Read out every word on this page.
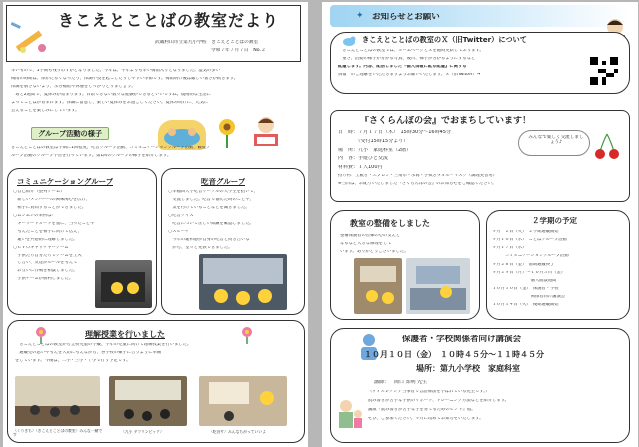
きこえとことばの教室だより
武蔵村山市立第九小学校　きこえとことばの教室
令和７年７月７日　No.２
早いもので、1学期も残りわずかとなりました。今年は、平年よりも早い梅雨入りとなりました。湿気の多い
梅雨の時期は、体がだるくなったり、体調不良を起こしたりしやすい季節です。梅雨明け後は厳しい暑さが続きます。
体調を崩さないよう、水分補給や休養をしっかりとりましょう。
　あと2週間で、夏休みが始まります。日頃できない数々な経験ができるといいですね。規則的な生活に
よってことばが育まれます。体調に留意し、楽しい夏休みをお過ごしください。夏休み明けに、元気に
会えることを楽しみにしています。
グループ活動の様子
きこえとことばの教室は学期に1回程度、吃音グループ活動、コミュニケーショングループ活動、観覧グ
ループ活動のグループ学習を行っています。第1回のグループの様子を紹介します。
コミュニケーショングループ
〇自己紹介（整列ゲーム）
　新しいメンバーへの興味関心を広げ、
　相手に質問することができました。
〇ムシムシの果物は？
　キーワードカードを基に、当ったことや
　考えたことを相手に向けて伝え、
　違いを共感的に理解しました。
〇ＵＦＯキャッチャーゲーム
　子供たち自分たちでゲームを工夫
　し合い、友達がルールを考えて
　お互いに作戦を相談しました。
　子供チームが勝利しました。
吃音グループ
〇早稲田大学吃音サークルの大学生を招いて、
　交流しました。吃音で悩んだ時のことや、
　気を付けていることなどを聞きました。
〇吃音クイズ
　吃音について正しい知識を確認しました。
〇スピーチ
　今年の違和感が自身の吃音と向き合いな
　がら、堂々と発表できました。
理解授業を行いました
　きこえとことばの教室から全校児童の学級、学年の児童に向けて理解授業を行いました。
　通級児の思いや考えを大切に考えながら、各学校の様子に合うように準備
をしています。今後は、二小・三小・十小で行う予定です。
〈くりきち〉〈きこえとことばの教室〉みんな一緒です
〈九小 デフリンピック〉	〈吃音サ〉みんなちがっていいよ
お知らせとお願い
✦
きこえとことばの教室のＸ（旧Twitter）について
　きこえとことばの教室では、ホームページとＸを随時更新しております。
　重さ、活動の様子が分かる写真、後日、様子が分かるようにするなど
配慮します。内容、配信しました『個人情報に配る配慮』に関する
情報　のご理解をいただきますようお願いいたします。Ｘ（旧Twitter）→
『さくらんぼの会』でおまちしています！
日　時：７月１７日（木）　15時30分～16時45分
　　　　（受付15時15分より）
場　所：九小　家庭科室（2階）
内　容：手遊びと交流
材料費：１人100円
持ち物：上履き・エプロン・三角巾・水筒・手拭きタオル・マスク（調理実習用）
※当日は、お配りいたしました『さくらんぼの会』のお知らせをご確認ください。
みんなで楽しく交流しましょう♪
教室の整備をしました
整備保護者の皆様の心の支えと
なるなど大きな修理をして
います。ありがとうございました。
２学期の予定
９月　２日（火）　２学期通級開始
９月１０日（水）　ことばグループ活動
９月１７日（水）
　　　コミュニケーショングループ活動
９月２６日（金）　前期通級終了
９月２９日（月）～１０月３日（金）
　　　　　　　　　個人面談週間
１０月１０日（金）　保護者・学校
　　　　　　　　　関係者向け講演会
１０月１４日（火）　後期通級開始
保護者・学校関係者向け講演会
１０月１０日（金）　１０時４５分～１１時４５分
場所：第九小学校　家庭科室
講師： 岡口 知明 先生
（ディスレクシア当事者で言語療法を学ばれている先生です。）
読み書きが苦手な子供のサポート、トレーニング方法などを紹介します。
講演『読み書きが苦手な子を育てるためのヒント』他。
ぜひ、ご参加ください。９月に改めてお知らせいたします。
